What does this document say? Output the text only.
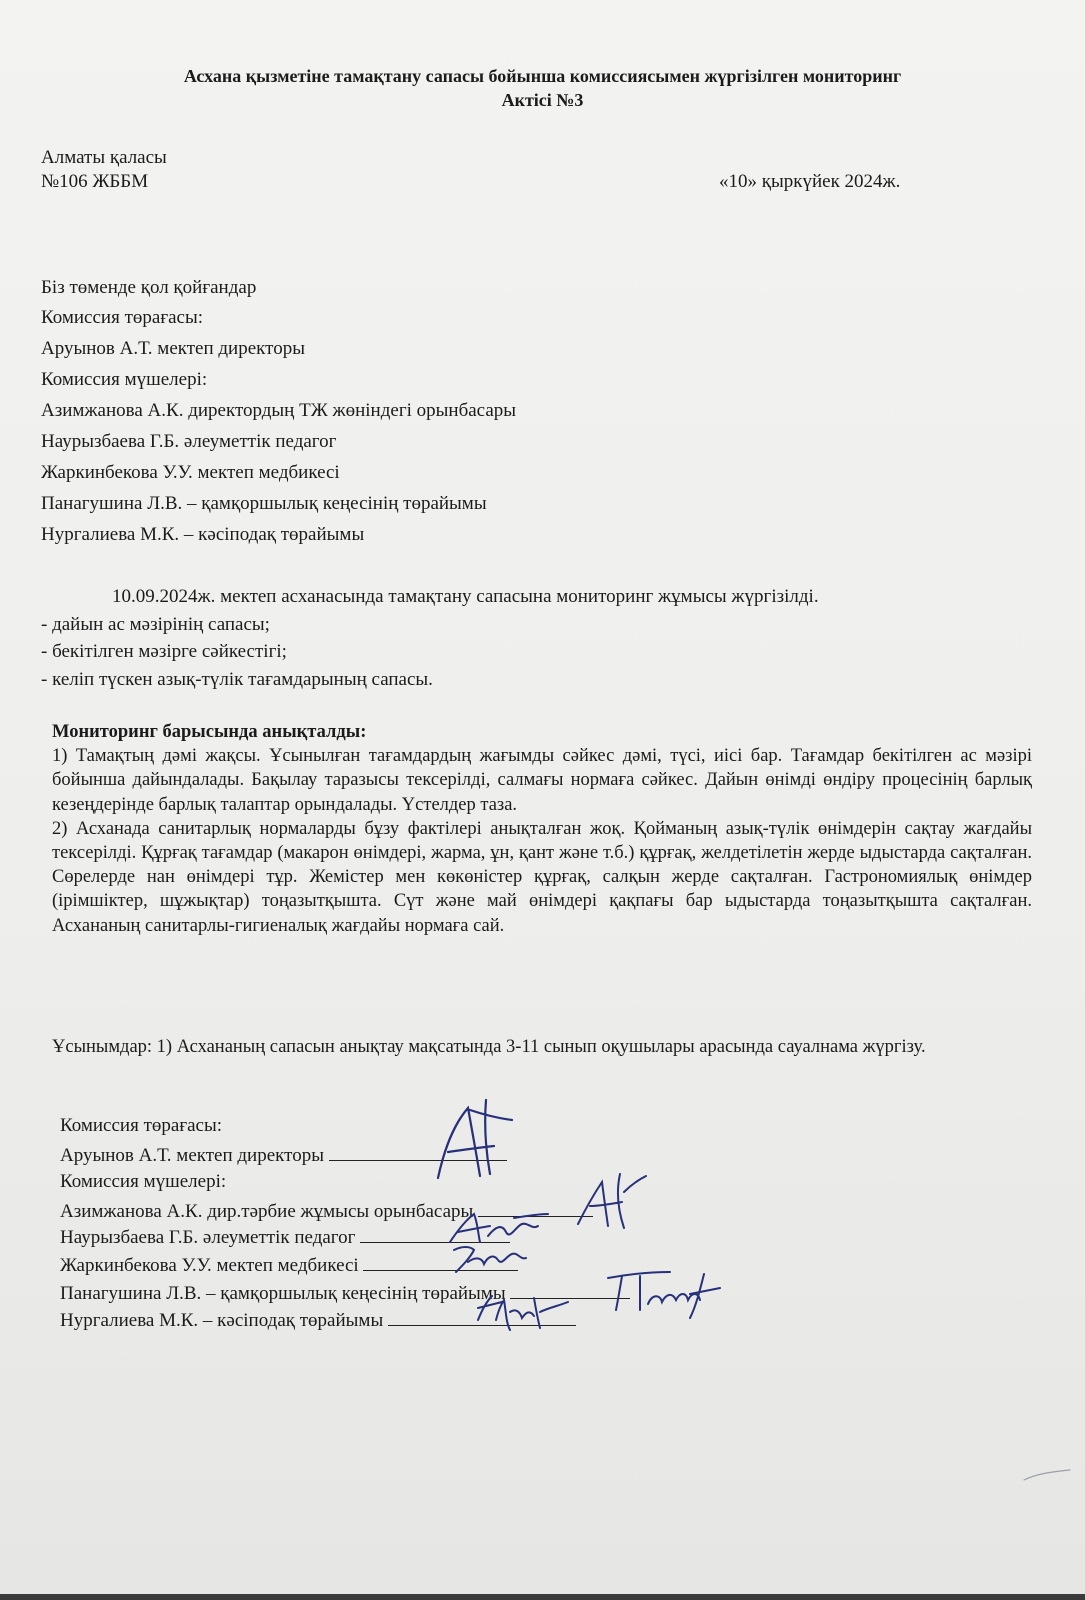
Асхана қызметіне тамақтану сапасы бойынша комиссиясымен жүргізілген мониторинг
Актісі №3
Алматы қаласы
№106 ЖББМ	«10» қыркүйек 2024ж.
Біз төменде қол қойғандар
Комиссия төрағасы:
Аруынов А.Т. мектеп директоры
Комиссия мүшелері:
Азимжанова А.К. директордың ТЖ жөніндегі орынбасары
Наурызбаева Г.Б. әлеуметтік педагог
Жаркинбекова У.У. мектеп медбикесі
Панагушина Л.В. – қамқоршылық кеңесінің төрайымы
Нургалиева М.К. – кәсіподақ төрайымы
10.09.2024ж. мектеп асханасында тамақтану сапасына мониторинг жұмысы жүргізілді.
- дайын ас мәзірінің сапасы;
- бекітілген мәзірге сәйкестігі;
- келіп түскен азық-түлік тағамдарының сапасы.

Мониторинг барысында анықталды:

1) Тамақтың дәмі жақсы. Ұсынылған тағамдардың жағымды сәйкес дәмі, түсі, иісі бар. Тағамдар бекітілген ас мәзірі бойынша дайындалады. Бақылау таразысы тексерілді, салмағы нормаға сәйкес. Дайын өнімді өндіру процесінің барлық кезеңдерінде барлық талаптар орындалады. Үстелдер таза.

2) Асханада санитарлық нормаларды бұзу фактілері анықталған жоқ. Қойманың азық-түлік өнімдерін сақтау жағдайы тексерілді. Құрғақ тағамдар (макарон өнімдері, жарма, ұн, қант және т.б.) құрғақ, желдетілетін жерде ыдыстарда сақталған. Сөрелерде нан өнімдері тұр. Жемістер мен көкөністер құрғақ, салқын жерде сақталған. Гастрономиялық өнімдер (ірімшіктер, шұжықтар) тоңазытқышта. Сүт және май өнімдері қақпағы бар ыдыстарда тоңазытқышта сақталған. Асхананың санитарлы-гигиеналық жағдайы нормаға сай.

Ұсынымдар: 1) Асхананың сапасын анықтау мақсатында 3-11 сынып оқушылары арасында сауалнама жүргізу.
Комиссия төрағасы:
Аруынов А.Т. мектеп директоры
Комиссия мүшелері:
Азимжанова А.К. дир.тәрбие жұмысы орынбасары
Наурызбаева Г.Б. әлеуметтік педагог
Жаркинбекова У.У. мектеп медбикесі
Панагушина Л.В. – қамқоршылық кеңесінің төрайымы
Нургалиева М.К. – кәсіподақ төрайымы
